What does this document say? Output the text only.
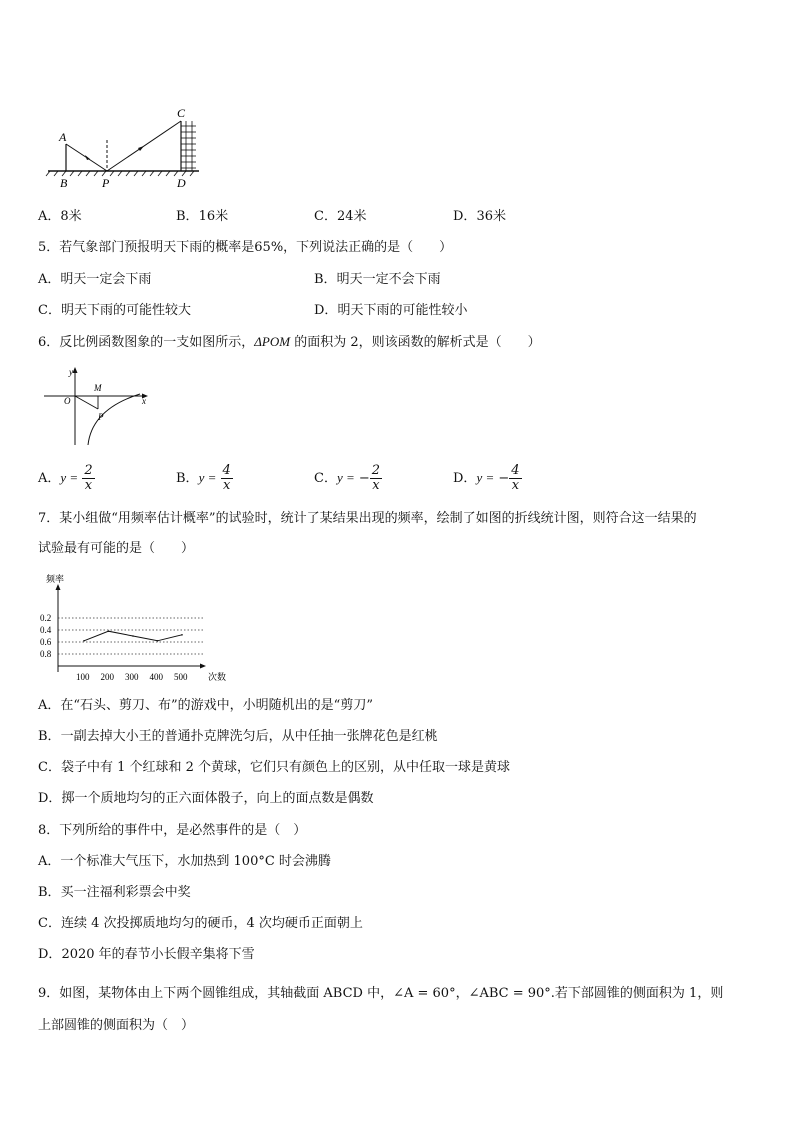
A
B	P
C
D
A．8米	B．16米	C．24米	D．36米
5．若气象部门预报明天下雨的概率是65%，下列说法正确的是（　　）
A．明天一定会下雨	B．明天一定不会下雨
C．明天下雨的可能性较大	D．明天下雨的可能性较小
6．反比例函数图象的一支如图所示，ΔPOM 的面积为 2，则该函数的解析式是（　　）
y
O
M
x
P
A．$y = \frac{2}{x}$	B．$y = \frac{4}{x}$	C．y = − $\frac{2}{x}$	D．y = − $\frac{4}{x}$
7．某小组做“用频率估计概率”的试验时，统计了某结果出现的频率，绘制了如图的折线统计图，则符合这一结果的
试验最有可能的是（　　）
频率
次数
0.8
0.6
0.4
0.2
100 200 300 400 500
A．在“石头、剪刀、布”的游戏中，小明随机出的是“剪刀”
B．一副去掉大小王的普通扑克牌洗匀后，从中任抽一张牌花色是红桃
C．袋子中有 1 个红球和 2 个黄球，它们只有颜色上的区别，从中任取一球是黄球
D．掷一个质地均匀的正六面体骰子，向上的面点数是偶数
8．下列所给的事件中，是必然事件的是（　）
A．一个标准大气压下，水加热到 100°C 时会沸腾
B．买一注福利彩票会中奖
C．连续 4 次投掷质地均匀的硬币，4 次均硬币正面朝上
D．2020 年的春节小长假辛集将下雪
9．如图，某物体由上下两个圆锥组成，其轴截面 ABCD 中，∠A = 60°，∠ABC = 90°.若下部圆锥的侧面积为 1，则
上部圆锥的侧面积为（　）
